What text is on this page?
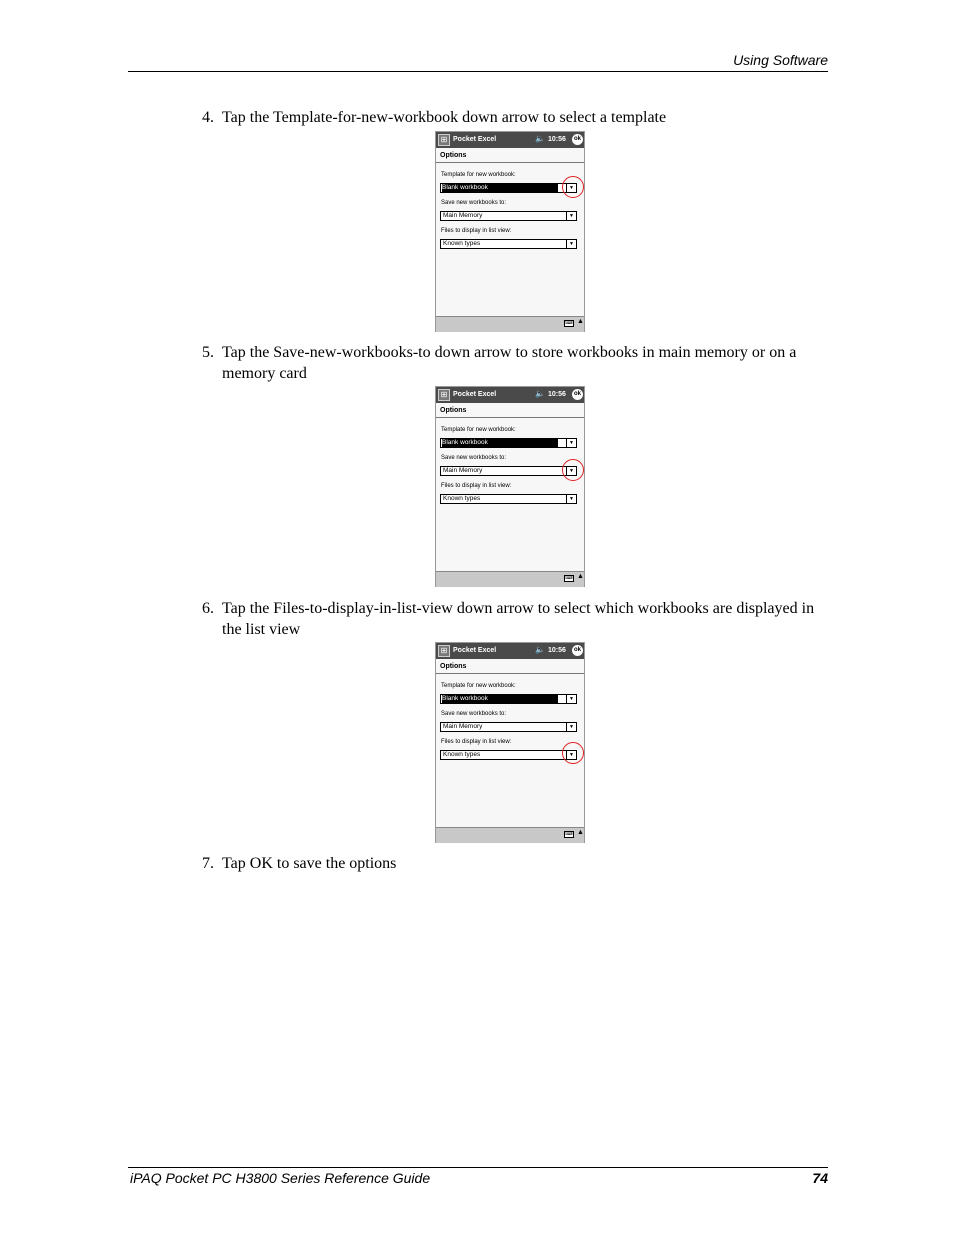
Using Software
4. Tap the Template-for-new-workbook down arrow to select a template
⊞ Pocket Excel	🔈 10:56	ok
Options
Template for new workbook:
Blank workbook	▼
Save new workbooks to:
Main Memory	▼
Files to display in list view:
Known types	▼
⌨ ▲
5. Tap the Save-new-workbooks-to down arrow to store workbooks in main memory or on a memory card
⊞ Pocket Excel	🔈 10:56	ok
Options
Template for new workbook:
Blank workbook	▼
Save new workbooks to:
Main Memory	▼
Files to display in list view:
Known types	▼
⌨ ▲
6. Tap the Files-to-display-in-list-view down arrow to select which workbooks are displayed in the list view
⊞ Pocket Excel	🔈 10:56	ok
Options
Template for new workbook:
Blank workbook	▼
Save new workbooks to:
Main Memory	▼
Files to display in list view:
Known types	▼
⌨ ▲
7. Tap OK to save the options
iPAQ Pocket PC H3800 Series Reference Guide	74
